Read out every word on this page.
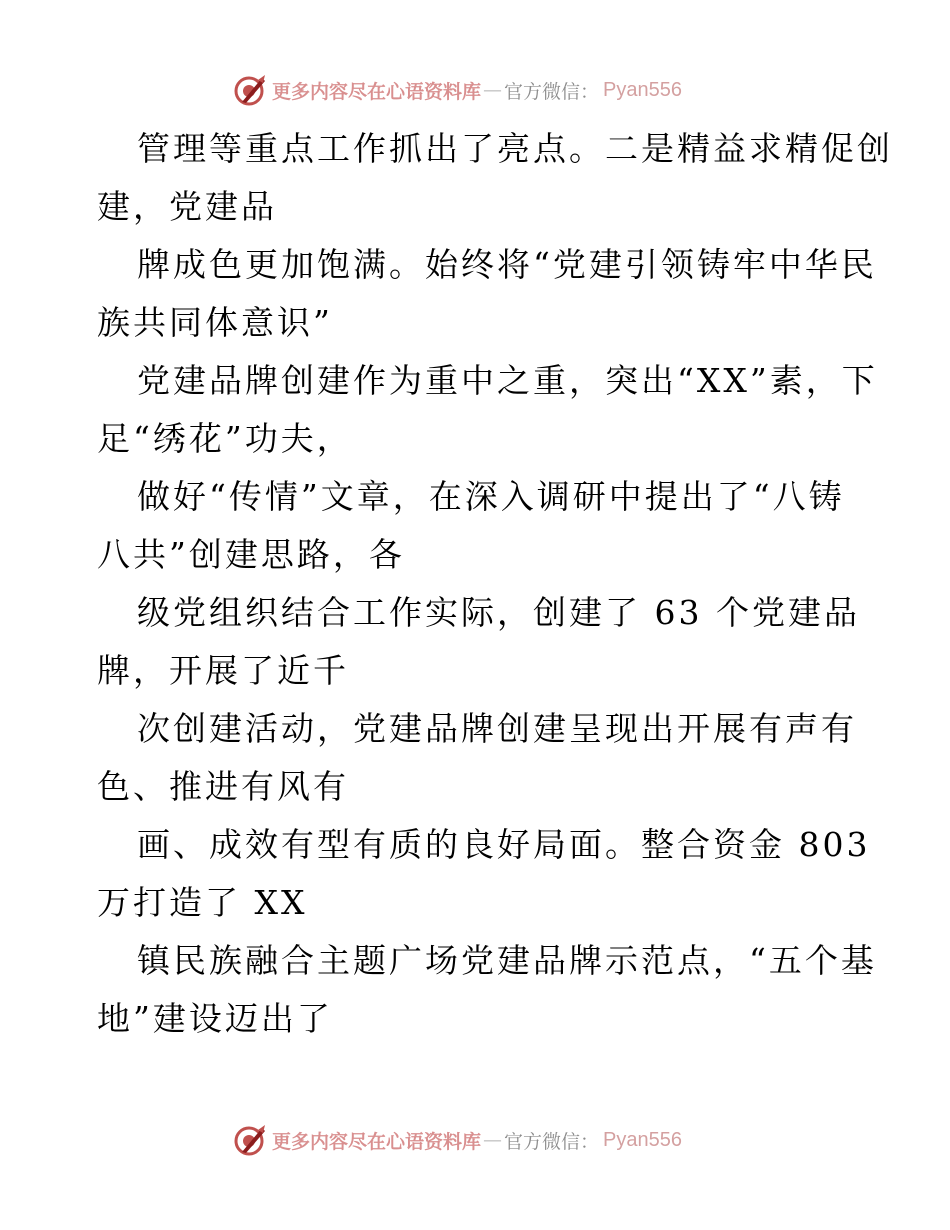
更多内容尽在心语资料库 — 官方微信： Pyan556
管理等重点工作抓出了亮点。二是精益求精促创
建，党建品
牌成色更加饱满。始终将“党建引领铸牢中华民
族共同体意识”
党建品牌创建作为重中之重，突出“XX”素，下
足“绣花”功夫，
做好“传情”文章，在深入调研中提出了“八铸
八共”创建思路，各
级党组织结合工作实际，创建了 63 个党建品
牌，开展了近千
次创建活动，党建品牌创建呈现出开展有声有
色、推进有风有
画、成效有型有质的良好局面。整合资金 803
万打造了 XX
镇民族融合主题广场党建品牌示范点，“五个基
地”建设迈出了
更多内容尽在心语资料库 — 官方微信： Pyan556
